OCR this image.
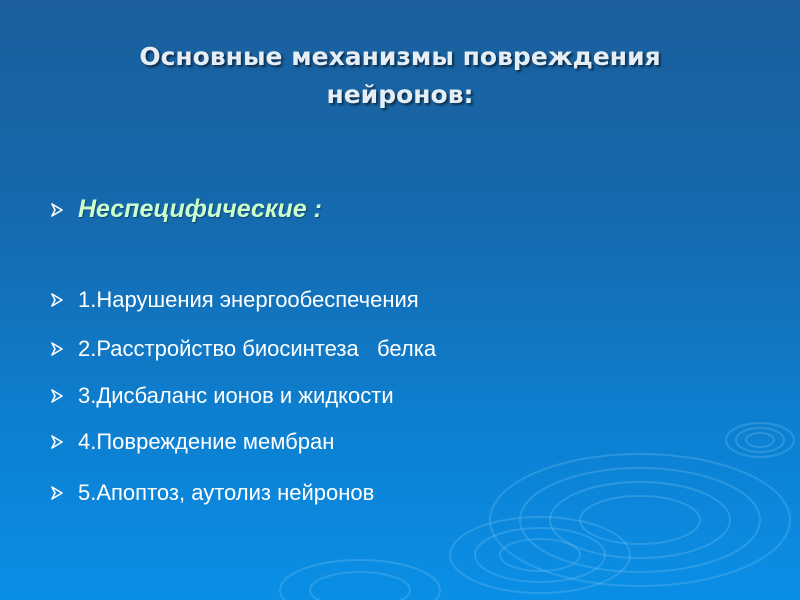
Основные механизмы повреждения
нейронов:
Неспецифические :
1.Нарушения энергообеспечения
2.Расстройство биосинтеза   белка
3.Дисбаланс ионов и жидкости
4.Повреждение мембран
5.Апоптоз, аутолиз нейронов
